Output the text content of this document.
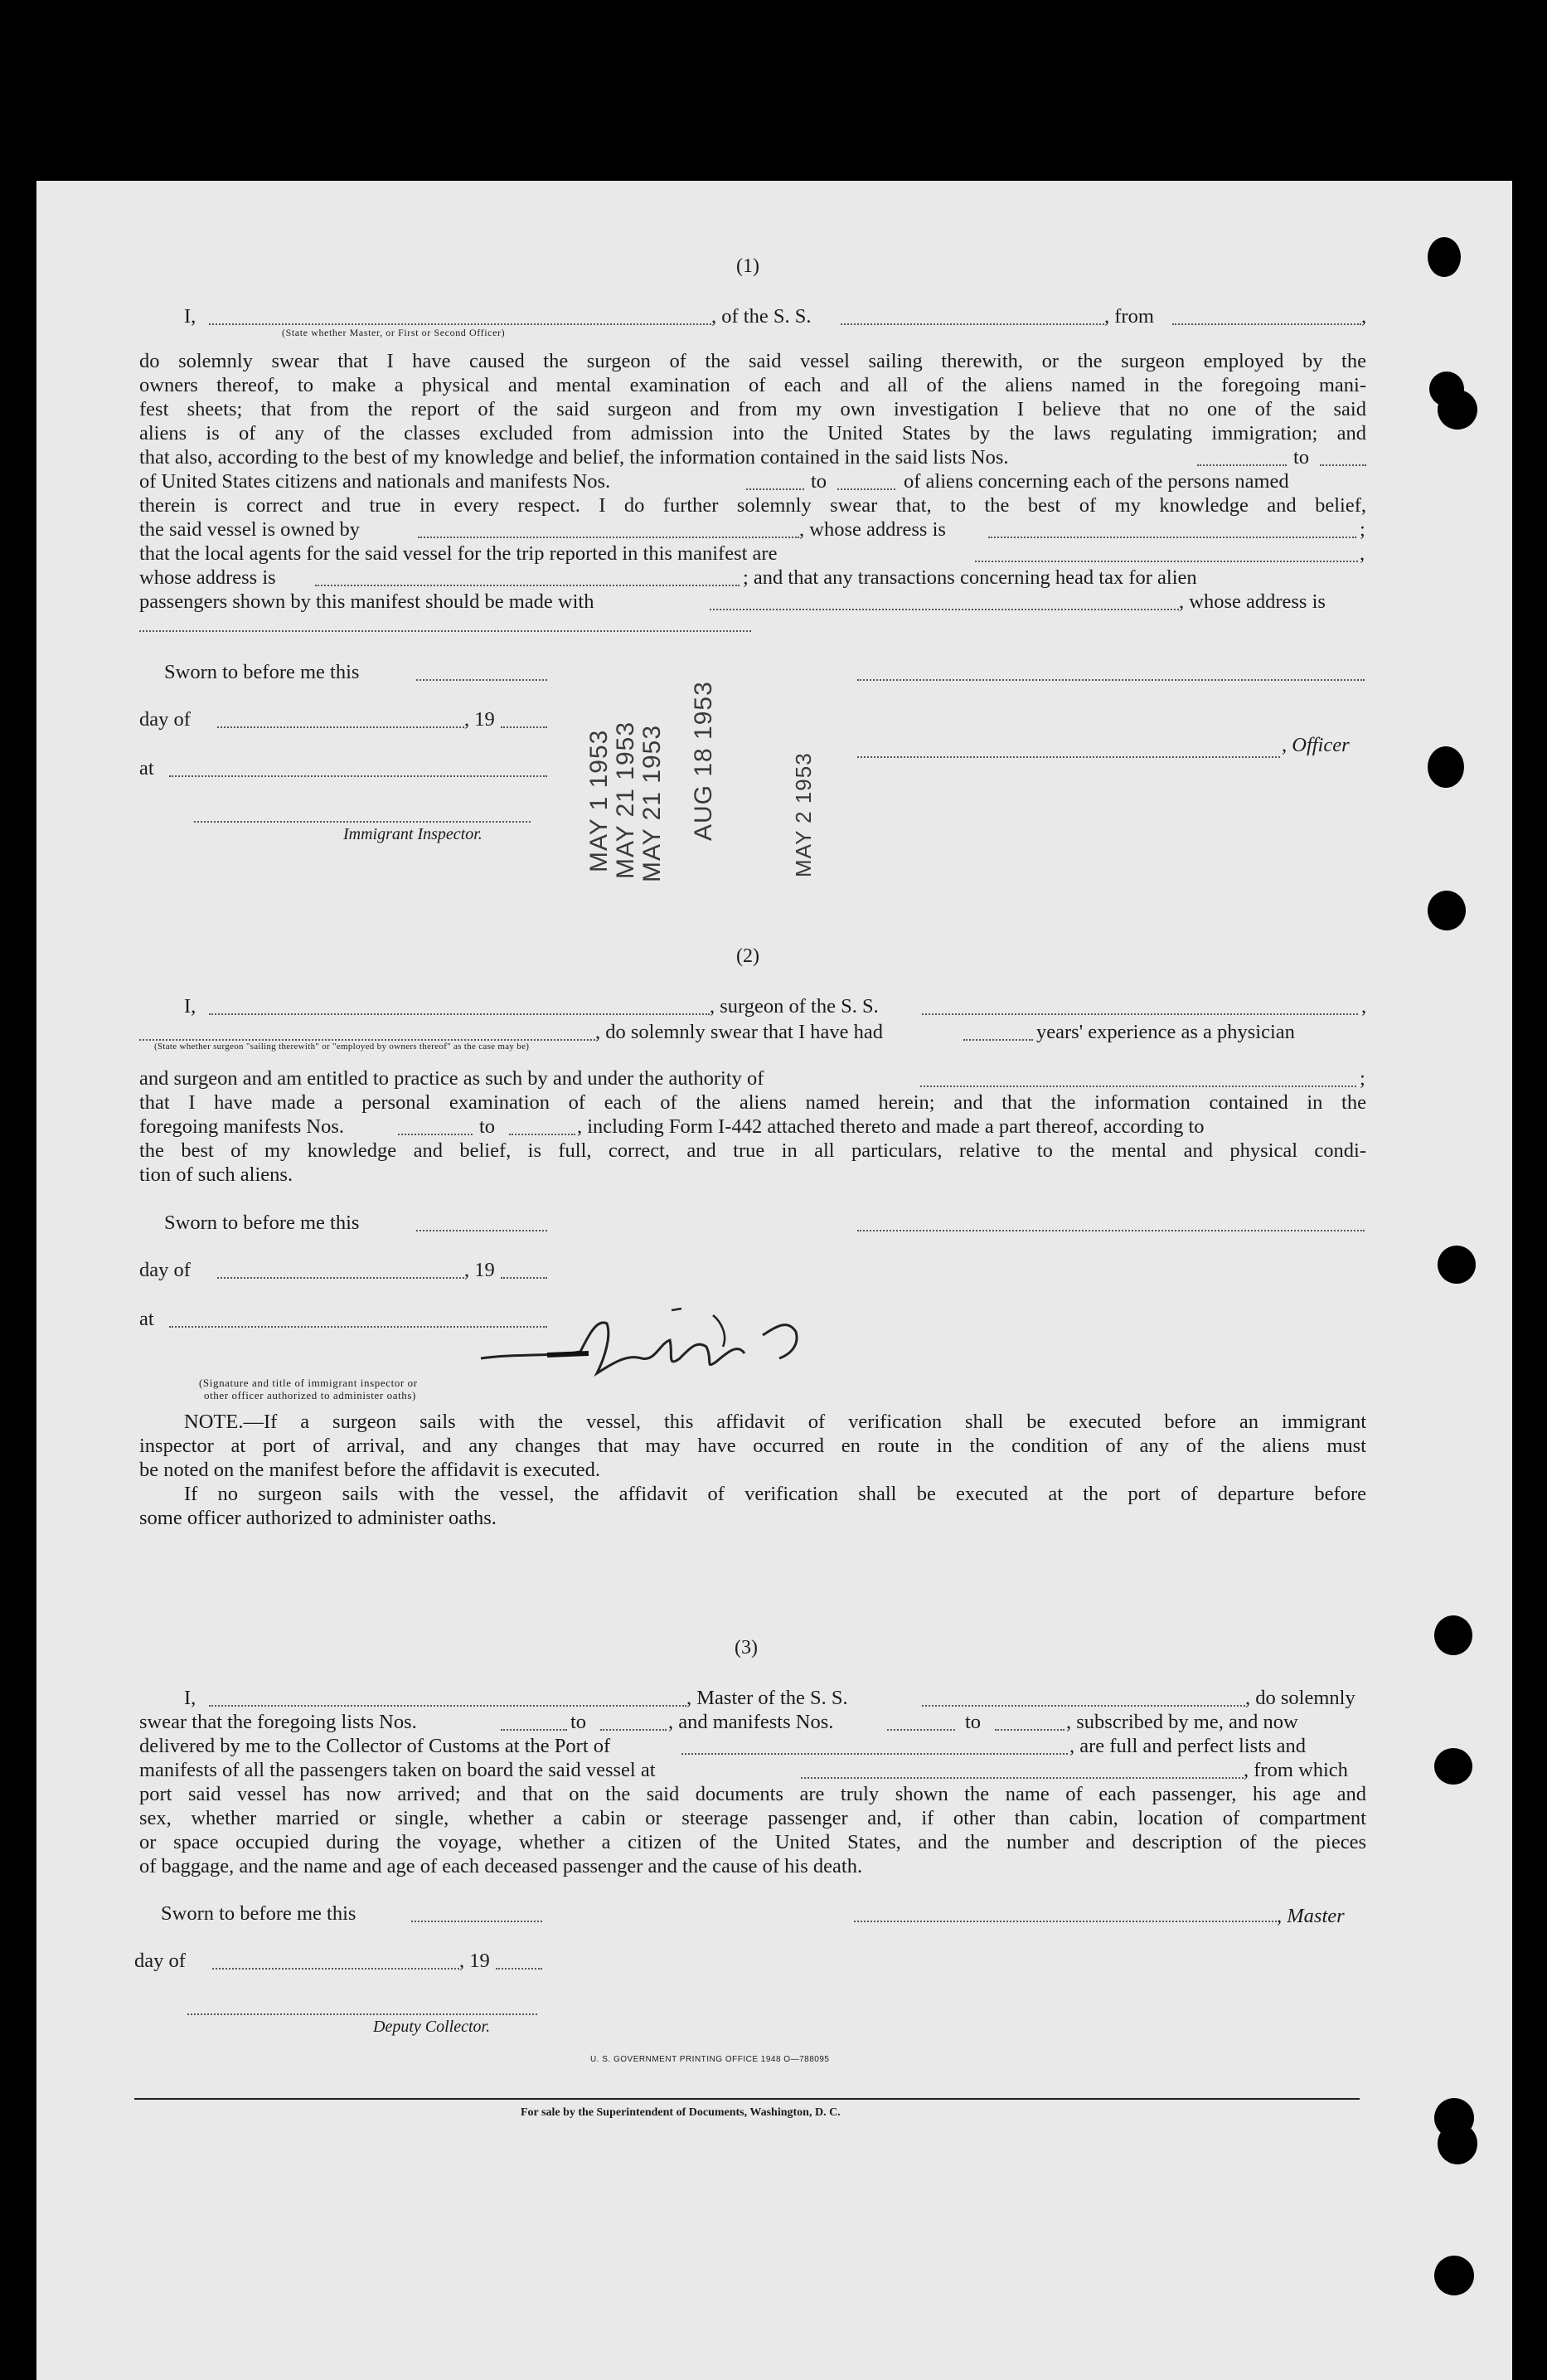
(1)
I,	, of the S. S.	, from	,
(State whether Master, or First or Second Officer)
do solemnly swear that I have caused the surgeon of the said vessel sailing therewith, or the surgeon employed by the
owners thereof, to make a physical and mental examination of each and all of the aliens named in the foregoing mani-
fest sheets; that from the report of the said surgeon and from my own investigation I believe that no one of the said
aliens is of any of the classes excluded from admission into the United States by the laws regulating immigration; and
that also, according to the best of my knowledge and belief, the information contained in the said lists Nos.	to
of United States citizens and nationals and manifests Nos.	to	of aliens concerning each of the persons named
therein is correct and true in every respect. I do further solemnly swear that, to the best of my knowledge and belief,
the said vessel is owned by	, whose address is	;
that the local agents for the said vessel for the trip reported in this manifest are	,
whose address is	; and that any transactions concerning head tax for alien
passengers shown by this manifest should be made with	, whose address is
Sworn to before me this
day of	, 19
at
, Officer
Immigrant Inspector.	MAY 1 1953 MAY 21 1953 MAY 21 1953 AUG 18 1953	MAY 2 1953
(2)
I,	, surgeon of the S. S.	,
, do solemnly swear that I have had	years' experience as a physician
(State whether surgeon "sailing therewith" or "employed by owners thereof" as the case may be)
and surgeon and am entitled to practice as such by and under the authority of	;
that I have made a personal examination of each of the aliens named herein; and that the information contained in the
foregoing manifests Nos.	to	, including Form I-442 attached thereto and made a part thereof, according to
the best of my knowledge and belief, is full, correct, and true in all particulars, relative to the mental and physical condi-
tion of such aliens.
Sworn to before me this
day of	, 19
at
(Signature and title of immigrant inspector or
other officer authorized to administer oaths)
NOTE.—If a surgeon sails with the vessel, this affidavit of verification shall be executed before an immigrant
inspector at port of arrival, and any changes that may have occurred en route in the condition of any of the aliens must
be noted on the manifest before the affidavit is executed.
If no surgeon sails with the vessel, the affidavit of verification shall be executed at the port of departure before
some officer authorized to administer oaths.
(3)
I,	, Master of the S. S.	, do solemnly
swear that the foregoing lists Nos.	to	, and manifests Nos.	to	, subscribed by me, and now
delivered by me to the Collector of Customs at the Port of	, are full and perfect lists and
manifests of all the passengers taken on board the said vessel at	, from which
port said vessel has now arrived; and that on the said documents are truly shown the name of each passenger, his age and
sex, whether married or single, whether a cabin or steerage passenger and, if other than cabin, location of compartment
or space occupied during the voyage, whether a citizen of the United States, and the number and description of the pieces
of baggage, and the name and age of each deceased passenger and the cause of his death.
Sworn to before me this	, Master
day of	, 19
Deputy Collector.
U. S. GOVERNMENT PRINTING OFFICE 1948 O—788095
For sale by the Superintendent of Documents, Washington, D. C.
